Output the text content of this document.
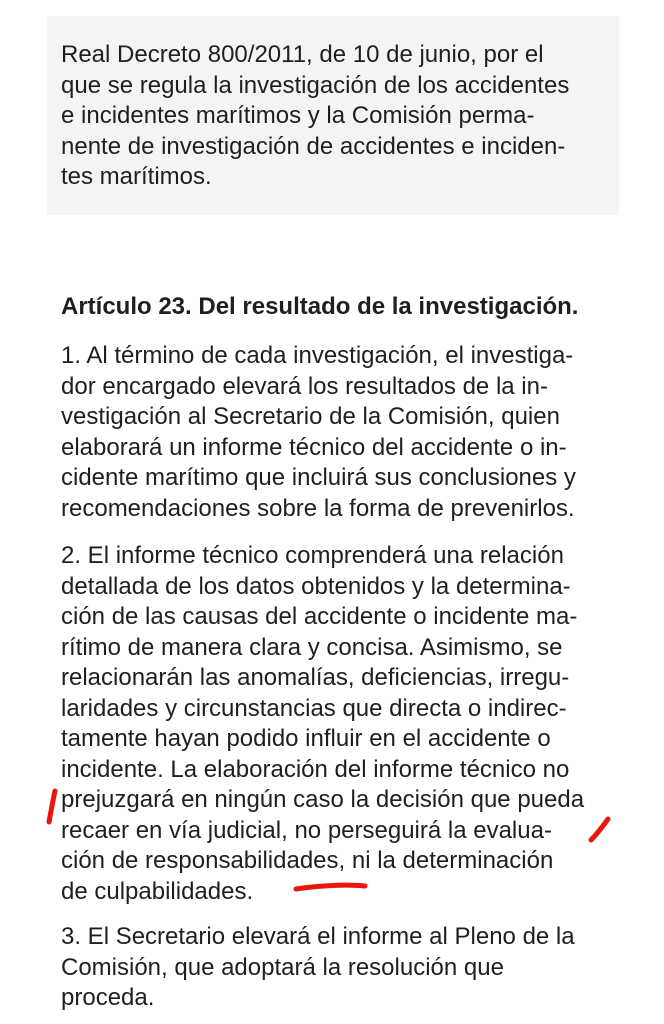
Real Decreto 800/2011, de 10 de junio, por el
que se regula la investigación de los accidentes
e incidentes marítimos y la Comisión perma-
nente de investigación de accidentes e inciden-
tes marítimos.
Artículo 23. Del resultado de la investigación.
1. Al término de cada investigación, el investiga-
dor encargado elevará los resultados de la in-
vestigación al Secretario de la Comisión, quien
elaborará un informe técnico del accidente o in-
cidente marítimo que incluirá sus conclusiones y
recomendaciones sobre la forma de prevenirlos.
2. El informe técnico comprenderá una relación
detallada de los datos obtenidos y la determina-
ción de las causas del accidente o incidente ma-
rítimo de manera clara y concisa. Asimismo, se
relacionarán las anomalías, deficiencias, irregu-
laridades y circunstancias que directa o indirec-
tamente hayan podido influir en el accidente o
incidente. La elaboración del informe técnico no
prejuzgará en ningún caso la decisión que pueda
recaer en vía judicial, no perseguirá la evalua-
ción de responsabilidades, ni la determinación
de culpabilidades.
3. El Secretario elevará el informe al Pleno de la
Comisión, que adoptará la resolución que
proceda.
